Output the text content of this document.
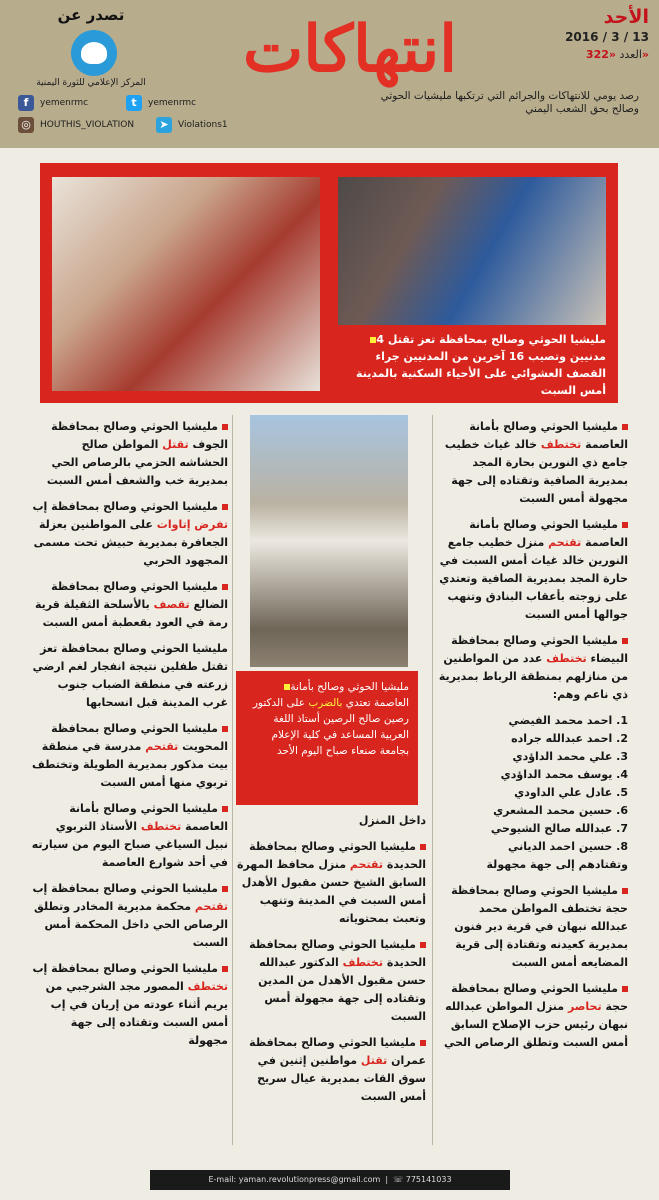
تصدر عن
المركز الإعلامي للثورة اليمنية	انتهاكات	الأحد
2016 / 3 / 13
العدد «322»
رصد يومي للانتهاكات والجرائم التي ترتكبها مليشيات الحوثي
وصالح بحق الشعب اليمني
f	yemenrmc	t	yemenrmc
◎	HOUTHIS_VIOLATION	➤	Violations1
مليشيا الحوثي وصالح بمحافظة تعز تقتل 4 مدنيين وتصيب 16 آخرين من المدنيين جراء القصف العشوائي على الأحياء السكنية بالمدينة أمس السبت
مليشيا الحوثي وصالح بأمانة العاصمة تعتدي بالضرب على الدكتور رصين صالح الرصين أستاذ اللغة العربية المساعد في كلية الإعلام بجامعة صنعاء صباح اليوم الأحد

مليشيا الحوثي وصالح بأمانة العاصمة تختطف خالد غياث خطيب جامع ذي النورين بحارة المجد بمديرية الصافية وتقتاده إلى جهة مجهولة أمس السبت

مليشيا الحوثي وصالح بأمانة العاصمة تقتحم منزل خطيب جامع النورين خالد غياث أمس السبت في حارة المجد بمديرية الصافية وتعتدي على زوجته بأعقاب البنادق وتنهب جوالها أمس السبت

مليشيا الحوثي وصالح بمحافظة البيضاء تختطف عدد من المواطنين من منازلهم بمنطقة الرباط بمديرية ذي ناعم وهم:

1. احمد محمد الفيضي
2. احمد عبدالله جراده
3. علي محمد الداؤدي
4. يوسف محمد الداؤدي
5. عادل علي الداودي
6. حسين محمد المشعري
7. عبدالله صالح الشيوحي
8. حسين احمد الدياني

وتقتادهم إلى جهة مجهولة

مليشيا الحوثي وصالح بمحافظة حجة تختطف المواطن محمد عبدالله نبهان في قرية دير فنون بمديرية كعيدنه وتقتادة إلى قرية المضايعه أمس السبت

مليشيا الحوثي وصالح بمحافظة حجة تحاصر منزل المواطن عبدالله نبهان رئيس حزب الإصلاح السابق أمس السبت وتطلق الرصاص الحي

مليشيا الحوثي وصالح بمحافظة الجوف تقتل المواطن صالح الحشاشه الحزمي بالرصاص الحي بمديرية خب والشعف أمس السبت

مليشيا الحوثي وصالح بمحافظة إب تفرض إتاوات على المواطنين بعزلة الجعافرة بمديرية حبيش تحت مسمى المجهود الحربي

مليشيا الحوثي وصالح بمحافظة الضالع تقصف بالأسلحة الثقيلة قرية رمة في العود بقعطبة أمس السبت

مليشيا الحوثي وصالح بمحافظة تعز تقتل طفلين نتيجة انفجار لغم ارضي زرعته في منطقة الضباب جنوب غرب المدينة قبل انسحابها

مليشيا الحوثي وصالح بمحافظة المحويت تقتحم مدرسة في منطقة بيت مذكور بمديرية الطويلة وتختطف تربوي منها أمس السبت

مليشيا الحوثي وصالح بأمانة العاصمة تختطف الأستاذ التربوي نبيل السياغي صباح اليوم من سيارته في أحد شوارع العاصمة

مليشيا الحوثي وصالح بمحافظة إب تقتحم محكمة مديرية المخادر وتطلق الرصاص الحي داخل المحكمة أمس السبت

مليشيا الحوثي وصالح بمحافظة إب تختطف المصور مجد الشرجبي من يريم أثناء عودته من إريان في إب أمس السبت وتقتاده إلى جهة مجهولة

داخل المنزل

مليشيا الحوثي وصالح بمحافظة الحديدة تقتحم منزل محافظ المهرة السابق الشيخ حسن مقبول الأهدل أمس السبت في المدينة وتنهب وتعبث بمحتوياته

مليشيا الحوثي وصالح بمحافظة الحديدة تختطف الدكتور عبدالله حسن مقبول الأهدل من المدين وتقتاده إلى جهة مجهولة أمس السبت

مليشيا الحوثي وصالح بمحافظة عمران تقتل مواطنين إثنين في سوق القات بمديرية عيال سريح أمس السبت

E-mail: yaman.revolutionpress@gmail.com  |  ☏ 775141033
